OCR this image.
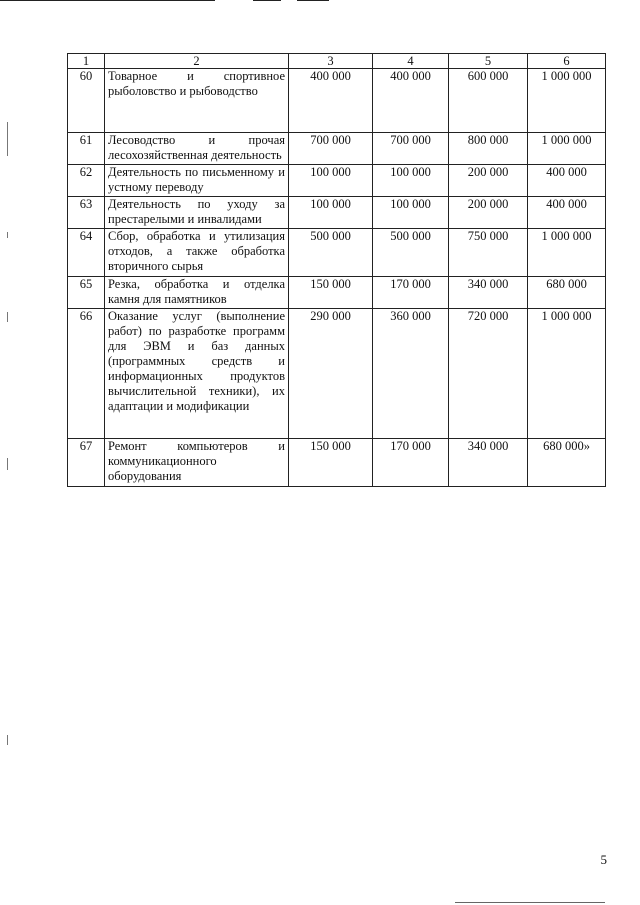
1	2	3	4	5	6
60	Товарное и спортивное рыболовство и рыбоводство	400 000	400 000	600 000	1 000 000
61	Лесоводство и прочая лесохозяйственная деятельность	700 000	700 000	800 000	1 000 000
62	Деятельность по письменному и устному переводу	100 000	100 000	200 000	400 000
63	Деятельность по уходу за престарелыми и инвалидами	100 000	100 000	200 000	400 000
64	Сбор, обработка и утилизация отходов, а также обработка вторичного сырья	500 000	500 000	750 000	1 000 000
65	Резка, обработка и отделка камня для памятников	150 000	170 000	340 000	680 000
66	Оказание услуг (выполнение работ) по разработке программ для ЭВМ и баз данных (программных средств и информационных продуктов вычислительной техники), их адаптации и модификации	290 000	360 000	720 000	1 000 000
67	Ремонт компьютеров и коммуникационного оборудования	150 000	170 000	340 000	680 000»
5
